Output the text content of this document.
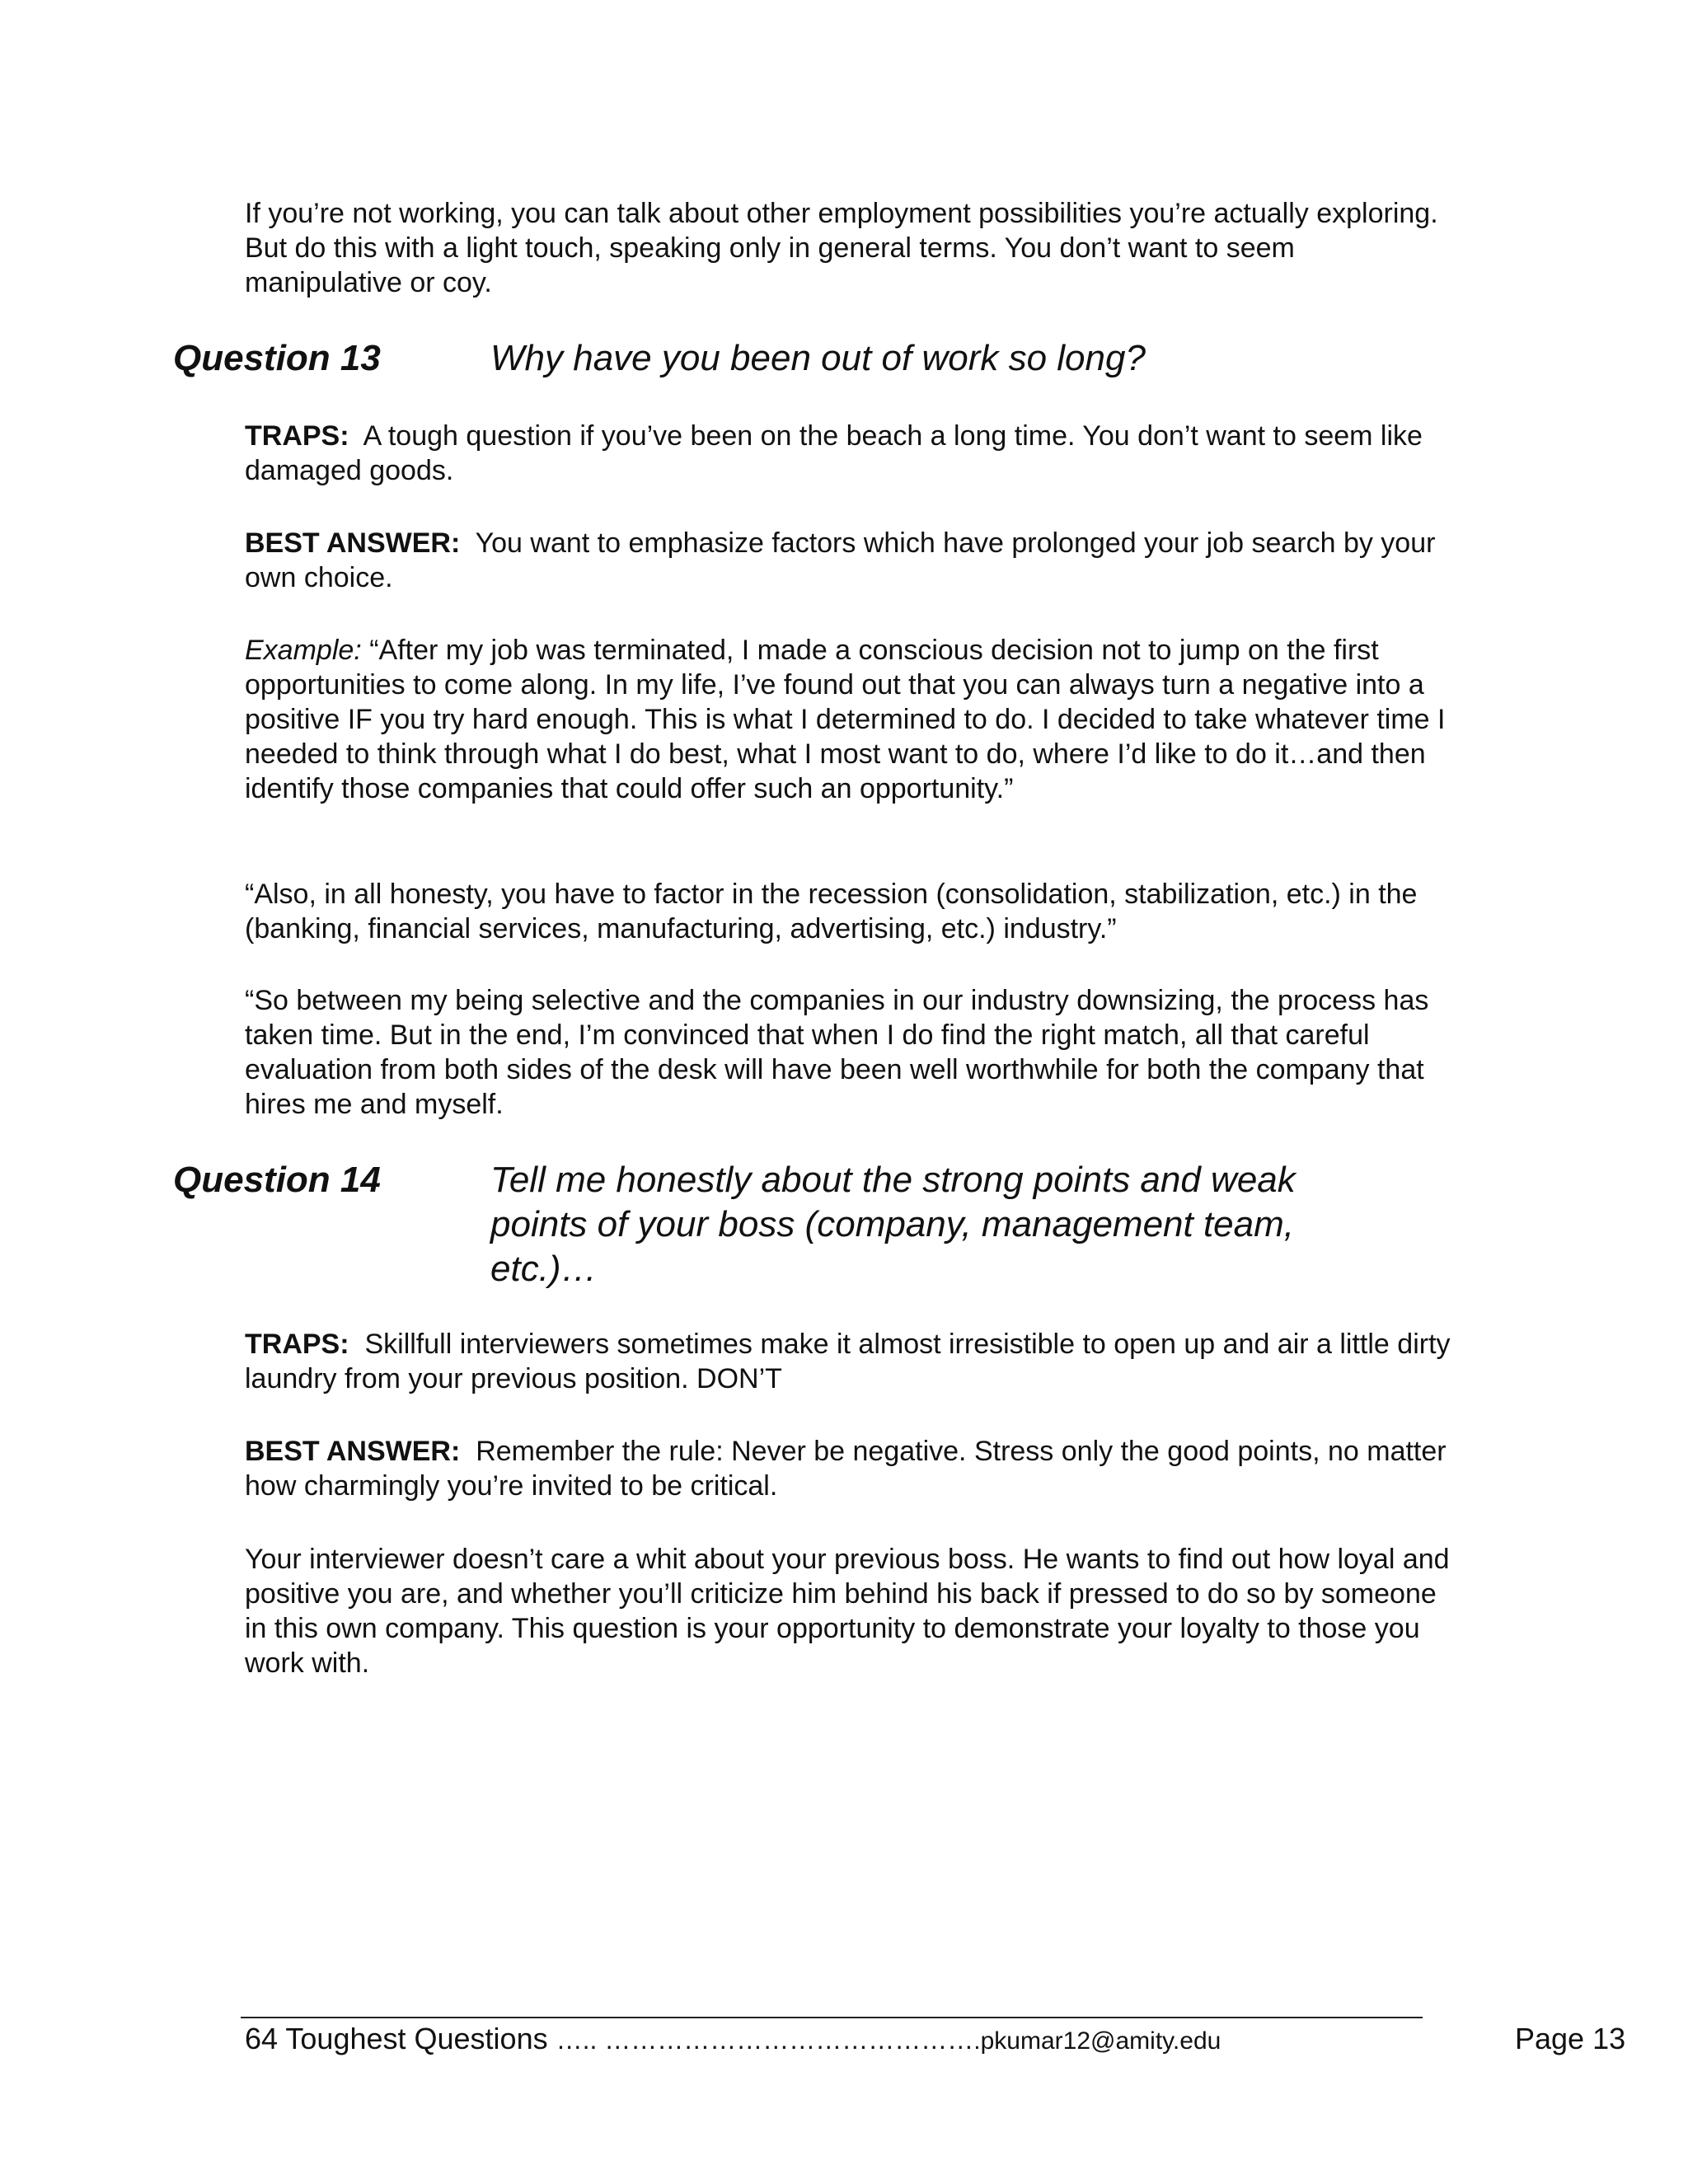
If you’re not working, you can talk about other employment possibilities you’re actually exploring. But do this with a light touch, speaking only in general terms. You don’t want to seem manipulative or coy.

Question 13	Why have you been out of work so long?

TRAPS: A tough question if you’ve been on the beach a long time. You don’t want to seem like damaged goods.

BEST ANSWER: You want to emphasize factors which have prolonged your job search by your own choice.

Example: “After my job was terminated, I made a conscious decision not to jump on the first opportunities to come along. In my life, I’ve found out that you can always turn a negative into a positive IF you try hard enough. This is what I determined to do. I decided to take whatever time I needed to think through what I do best, what I most want to do, where I’d like to do it…and then identify those companies that could offer such an opportunity.”

“Also, in all honesty, you have to factor in the recession (consolidation, stabilization, etc.) in the (banking, financial services, manufacturing, advertising, etc.) industry.”

“So between my being selective and the companies in our industry downsizing, the process has taken time. But in the end, I’m convinced that when I do find the right match, all that careful evaluation from both sides of the desk will have been well worthwhile for both the company that hires me and myself.

Question 14	Tell me honestly about the strong points and weak points of your boss (company, management team, etc.)…

TRAPS: Skillfull interviewers sometimes make it almost irresistible to open up and air a little dirty laundry from your previous position. DON’T

BEST ANSWER: Remember the rule: Never be negative. Stress only the good points, no matter how charmingly you’re invited to be critical.

Your interviewer doesn’t care a whit about your previous boss. He wants to find out how loyal and positive you are, and whether you’ll criticize him behind his back if pressed to do so by someone in this own company. This question is your opportunity to demonstrate your loyalty to those you work with.

64 Toughest Questions ….. …………………………………….pkumar12@amity.edu	Page 13
